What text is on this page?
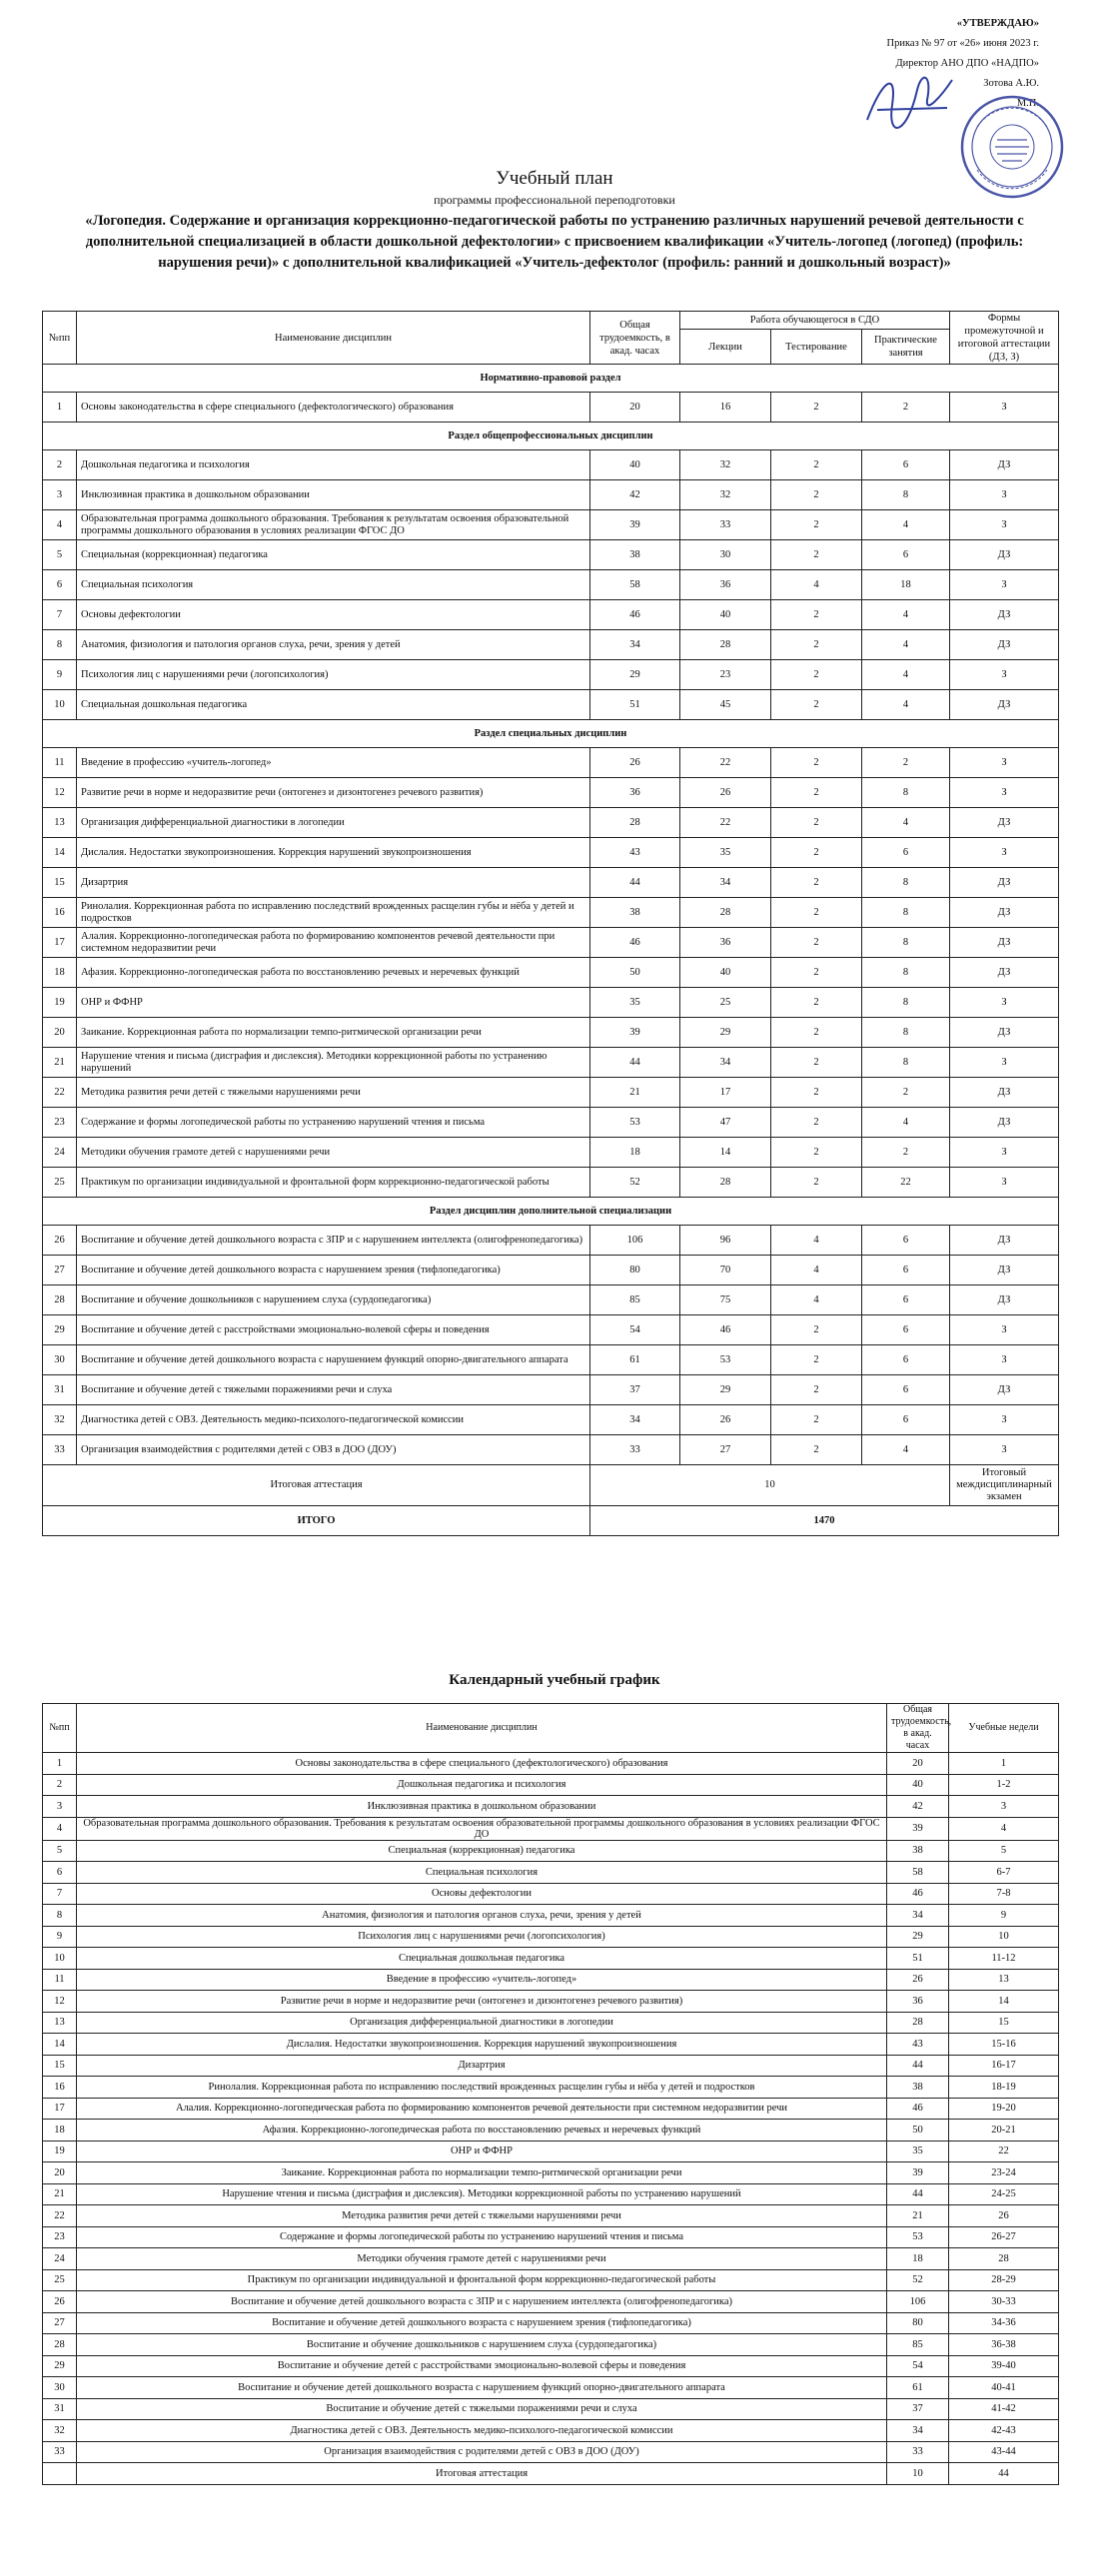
«УТВЕРЖДАЮ»
Приказ № 97 от «26» июня 2023 г.
Директор АНО ДПО «НАДПО»
Зотова А.Ю.
М.П.
Учебный план
программы профессиональной переподготовки

«Логопедия. Содержание и организация коррекционно-педагогической работы по устранению различных нарушений речевой деятельности с дополнительной специализацией в области дошкольной дефектологии» с присвоением квалификации «Учитель-логопед (логопед) (профиль: нарушения речи)» с дополнительной квалификацией «Учитель-дефектолог (профиль: ранний и дошкольный возраст)»

№пп	Наименование дисциплин	Общая трудоемкость, в акад. часах	Работа обучающегося в СДО			Формы промежуточной и итоговой аттестации (ДЗ, З)
			Лекции	Тестирование	Практические занятия	
Нормативно-правовой раздел						
1	Основы законодательства в сфере специального (дефектологического) образования	20	16	2	2	З
Раздел общепрофессиональных дисциплин						
2	Дошкольная педагогика и психология	40	32	2	6	ДЗ
3	Инклюзивная практика в дошкольном образовании	42	32	2	8	З
4	Образовательная программа дошкольного образования. Требования к результатам освоения образовательной программы дошкольного образования в условиях реализации ФГОС ДО	39	33	2	4	З
5	Специальная (коррекционная) педагогика	38	30	2	6	ДЗ
6	Специальная психология	58	36	4	18	З
7	Основы дефектологии	46	40	2	4	ДЗ
8	Анатомия, физиология и патология органов слуха, речи, зрения у детей	34	28	2	4	ДЗ
9	Психология лиц с нарушениями речи (логопсихология)	29	23	2	4	З
10	Специальная дошкольная педагогика	51	45	2	4	ДЗ
Раздел специальных дисциплин						
11	Введение в профессию «учитель-логопед»	26	22	2	2	З
12	Развитие речи в норме и недоразвитие речи (онтогенез и дизонтогенез речевого развития)	36	26	2	8	З
13	Организация дифференциальной диагностики в логопедии	28	22	2	4	ДЗ
14	Дислалия. Недостатки звукопроизношения. Коррекция нарушений звукопроизношения	43	35	2	6	З
15	Дизартрия	44	34	2	8	ДЗ
16	Ринолалия. Коррекционная работа по исправлению последствий врожденных расщелин губы и нёба у детей и подростков	38	28	2	8	ДЗ
17	Алалия. Коррекционно-логопедическая работа по формированию компонентов речевой деятельности при системном недоразвитии речи	46	36	2	8	ДЗ
18	Афазия. Коррекционно-логопедическая работа по восстановлению речевых и неречевых функций	50	40	2	8	ДЗ
19	ОНР и ФФНР	35	25	2	8	З
20	Заикание. Коррекционная работа по нормализации темпо-ритмической организации речи	39	29	2	8	ДЗ
21	Нарушение чтения и письма (дисграфия и дислексия). Методики коррекционной работы по устранению нарушений	44	34	2	8	З
22	Методика развития речи детей с тяжелыми нарушениями речи	21	17	2	2	ДЗ
23	Содержание и формы логопедической работы по устранению нарушений чтения и письма	53	47	2	4	ДЗ
24	Методики обучения грамоте детей с нарушениями речи	18	14	2	2	З
25	Практикум по организации индивидуальной и фронтальной форм коррекционно-педагогической работы	52	28	2	22	З
Раздел дисциплин дополнительной специализации						
26	Воспитание и обучение детей дошкольного возраста с ЗПР и с нарушением интеллекта (олигофренопедагогика)	106	96	4	6	ДЗ
27	Воспитание и обучение детей дошкольного возраста с нарушением зрения (тифлопедагогика)	80	70	4	6	ДЗ
28	Воспитание и обучение дошкольников с нарушением слуха (сурдопедагогика)	85	75	4	6	ДЗ
29	Воспитание и обучение детей с расстройствами эмоционально-волевой сферы и поведения	54	46	2	6	З
30	Воспитание и обучение детей дошкольного возраста с нарушением функций опорно-двигательного аппарата	61	53	2	6	З
31	Воспитание и обучение детей с тяжелыми поражениями речи и слуха	37	29	2	6	ДЗ
32	Диагностика детей с ОВЗ. Деятельность медико-психолого-педагогической комиссии	34	26	2	6	З
33	Организация взаимодействия с родителями детей с ОВЗ в ДОО (ДОУ)	33	27	2	4	З
Итоговая аттестация		10				Итоговый междисциплинарный экзамен
ИТОГО		1470				
Календарный учебный график
№пп	Наименование дисциплин	Общая трудоемкость, в акад. часах	Учебные недели
1	Основы законодательства в сфере специального (дефектологического) образования	20	1
2	Дошкольная педагогика и психология	40	1-2
3	Инклюзивная практика в дошкольном образовании	42	3
4	Образовательная программа дошкольного образования. Требования к результатам освоения образовательной программы дошкольного образования в условиях реализации ФГОС ДО	39	4
5	Специальная (коррекционная) педагогика	38	5
6	Специальная психология	58	6-7
7	Основы дефектологии	46	7-8
8	Анатомия, физиология и патология органов слуха, речи, зрения у детей	34	9
9	Психология лиц с нарушениями речи (логопсихология)	29	10
10	Специальная дошкольная педагогика	51	11-12
11	Введение в профессию «учитель-логопед»	26	13
12	Развитие речи в норме и недоразвитие речи (онтогенез и дизонтогенез речевого развития)	36	14
13	Организация дифференциальной диагностики в логопедии	28	15
14	Дислалия. Недостатки звукопроизношения. Коррекция нарушений звукопроизношения	43	15-16
15	Дизартрия	44	16-17
16	Ринолалия. Коррекционная работа по исправлению последствий врожденных расщелин губы и нёба у детей и подростков	38	18-19
17	Алалия. Коррекционно-логопедическая работа по формированию компонентов речевой деятельности при системном недоразвитии речи	46	19-20
18	Афазия. Коррекционно-логопедическая работа по восстановлению речевых и неречевых функций	50	20-21
19	ОНР и ФФНР	35	22
20	Заикание. Коррекционная работа по нормализации темпо-ритмической организации речи	39	23-24
21	Нарушение чтения и письма (дисграфия и дислексия). Методики коррекционной работы по устранению нарушений	44	24-25
22	Методика развития речи детей с тяжелыми нарушениями речи	21	26
23	Содержание и формы логопедической работы по устранению нарушений чтения и письма	53	26-27
24	Методики обучения грамоте детей с нарушениями речи	18	28
25	Практикум по организации индивидуальной и фронтальной форм коррекционно-педагогической работы	52	28-29
26	Воспитание и обучение детей дошкольного возраста с ЗПР и с нарушением интеллекта (олигофренопедагогика)	106	30-33
27	Воспитание и обучение детей дошкольного возраста с нарушением зрения (тифлопедагогика)	80	34-36
28	Воспитание и обучение дошкольников с нарушением слуха (сурдопедагогика)	85	36-38
29	Воспитание и обучение детей с расстройствами эмоционально-волевой сферы и поведения	54	39-40
30	Воспитание и обучение детей дошкольного возраста с нарушением функций опорно-двигательного аппарата	61	40-41
31	Воспитание и обучение детей с тяжелыми поражениями речи и слуха	37	41-42
32	Диагностика детей с ОВЗ. Деятельность медико-психолого-педагогической комиссии	34	42-43
33	Организация взаимодействия с родителями детей с ОВЗ в ДОО (ДОУ)	33	43-44
	Итоговая аттестация	10	44
